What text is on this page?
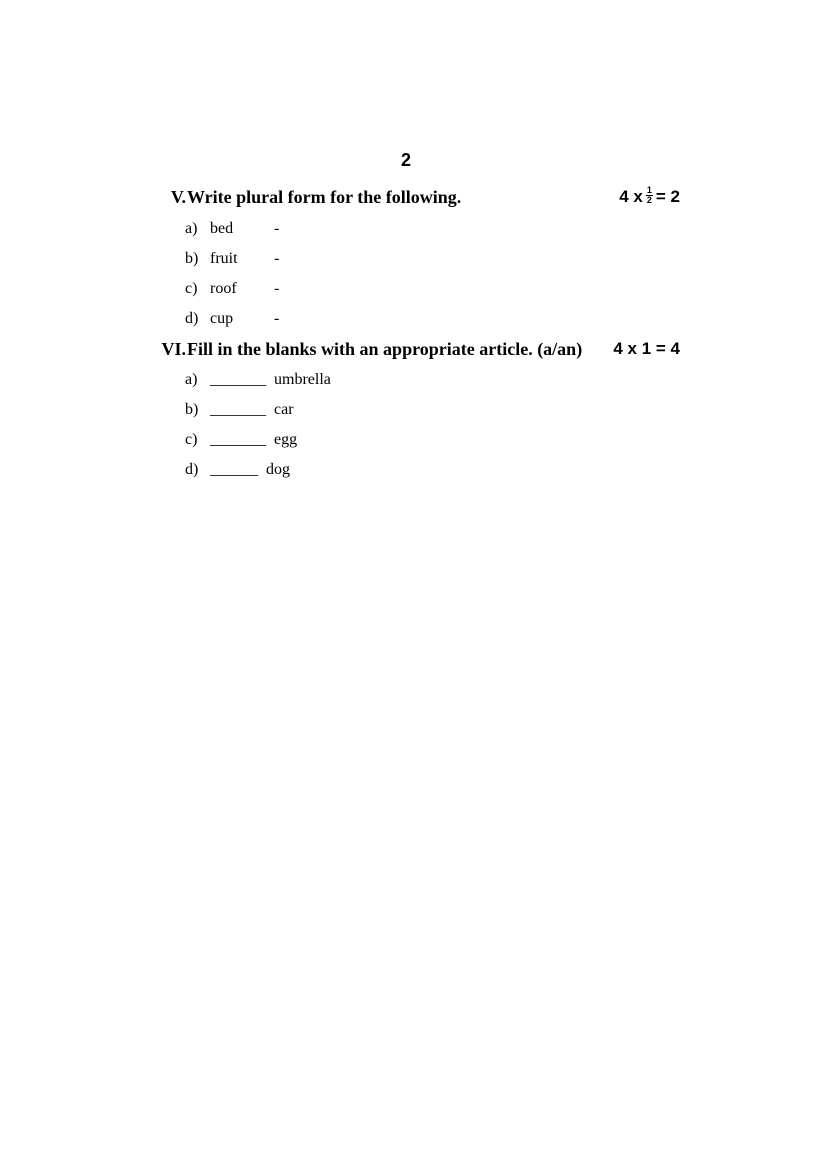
2
V. Write plural form for the following.	4 x $\frac{1}{2} = 2$
a) bed	-
b) fruit -
c) roof -
d) cup	-
VI. Fill in the blanks with an appropriate article. (a/an) 4 x 1 = 4
a) _______ umbrella
b) _______ car
c) _______ egg
d) ______ dog
